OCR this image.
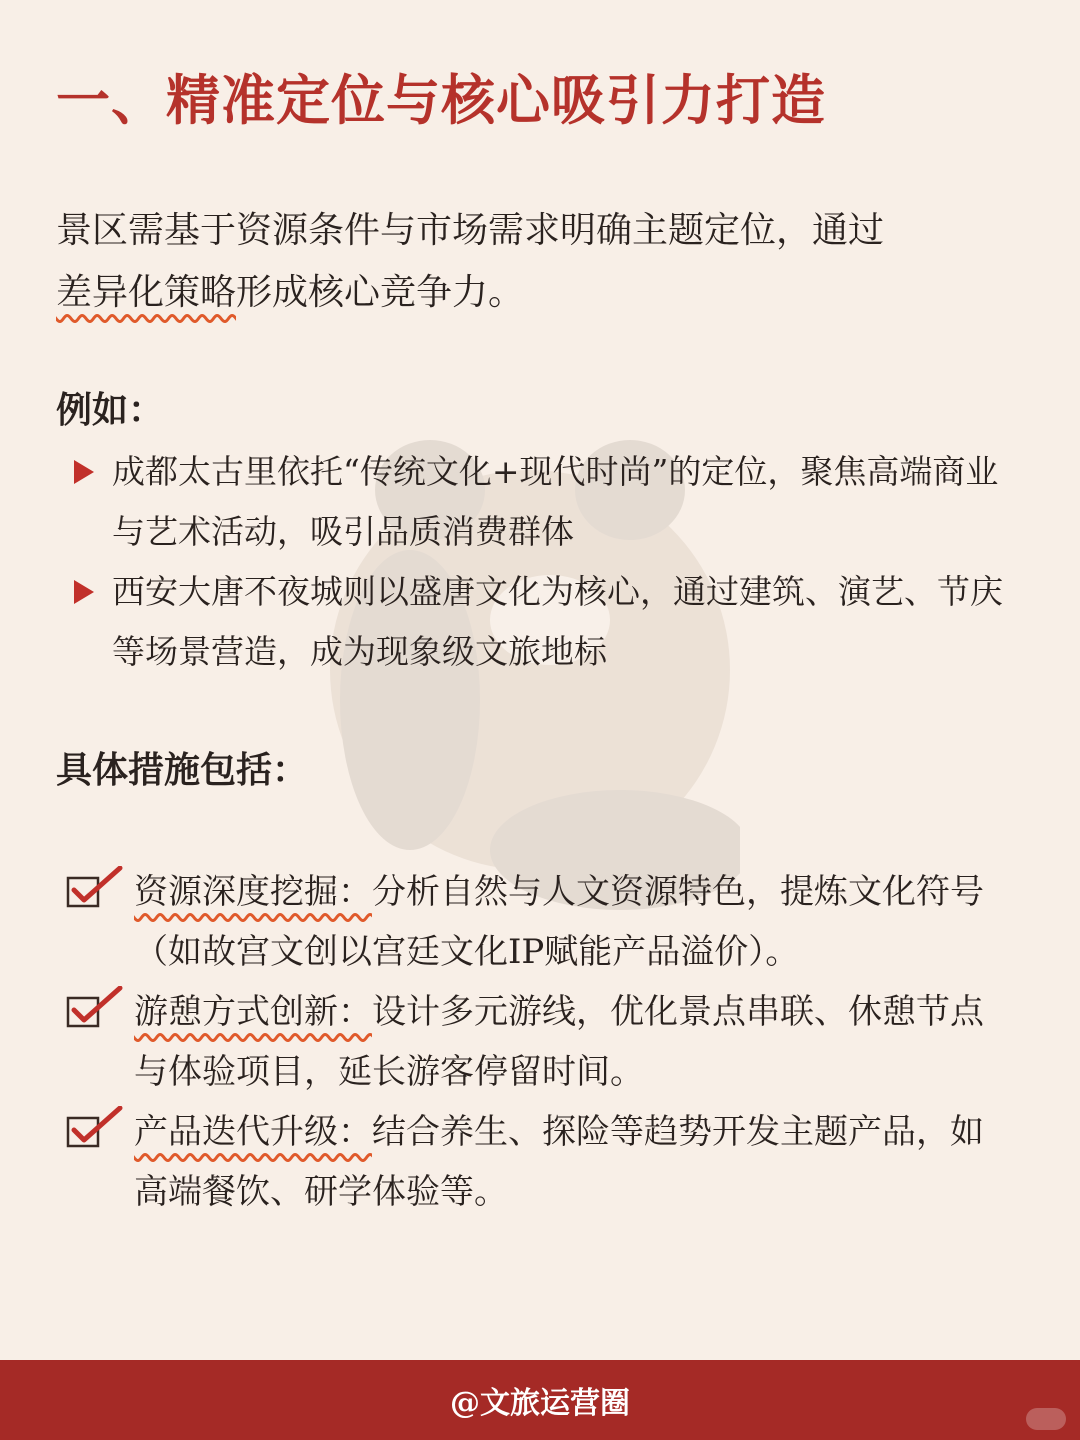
一、精准定位与核心吸引力打造

景区需基于资源条件与市场需求明确主题定位，通过
差异化策略形成核心竞争力。

例如：

成都太古里依托“传统文化+现代时尚”的定位，聚焦高端商业与艺术活动，吸引品质消费群体
西安大唐不夜城则以盛唐文化为核心，通过建筑、演艺、节庆等场景营造，成为现象级文旅地标

具体措施包括：

资源深度挖掘：分析自然与人文资源特色，提炼文化符号（如故宫文创以宫廷文化IP赋能产品溢价）。
游憩方式创新：设计多元游线，优化景点串联、休憩节点与体验项目，延长游客停留时间。
产品迭代升级：结合养生、探险等趋势开发主题产品，如高端餐饮、研学体验等。
@文旅运营圈
